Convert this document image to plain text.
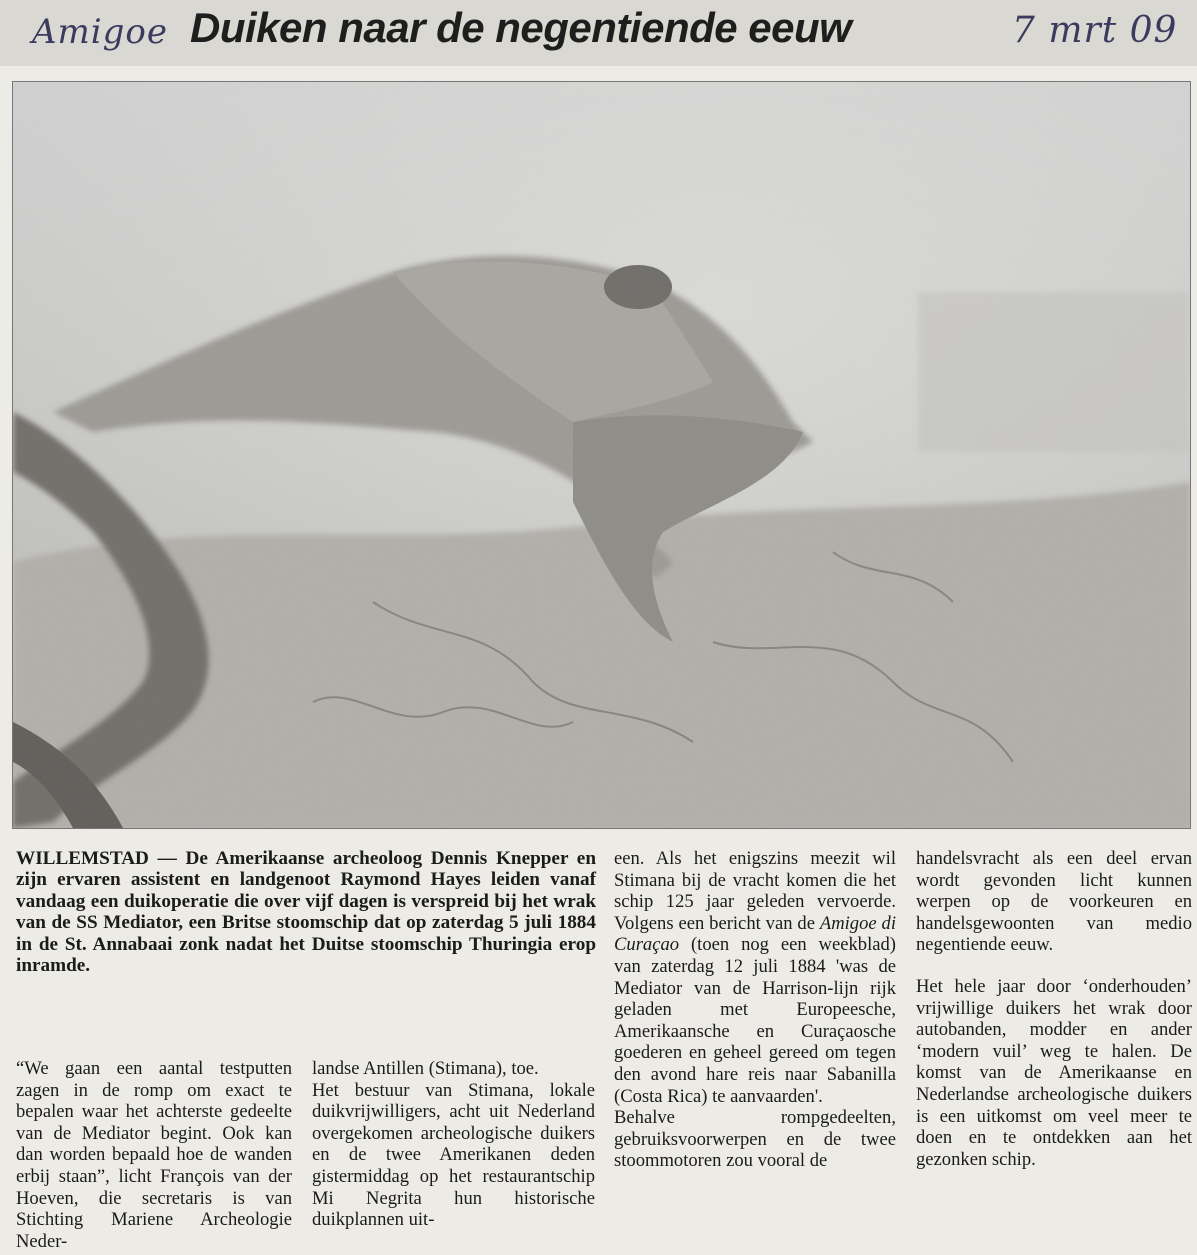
Amigoe Duiken naar de negentiende eeuw	7 mrt 09
WILLEMSTAD — De Amerikaanse archeoloog Dennis Knepper en zijn ervaren assistent en landgenoot Raymond Hayes leiden vanaf vandaag een duikoperatie die over vijf dagen is verspreid bij het wrak van de SS Mediator, een Britse stoomschip dat op zaterdag 5 juli 1884 in de St. Annabaai zonk nadat het Duitse stoomschip Thuringia erop inramde.

“We gaan een aantal testputten zagen in de romp om exact te bepalen waar het achterste gedeelte van de Mediator begint. Ook kan dan worden bepaald hoe de wanden erbij staan”, licht François van der Hoeven, die secretaris is van Stichting Mariene Archeologie Neder-

landse Antillen (Stimana), toe.

Het bestuur van Stimana, lokale duikvrijwilligers, acht uit Nederland overgekomen archeologische duikers en de twee Amerikanen deden gistermiddag op het restaurantschip Mi Negrita hun historische duikplannen uit-

een. Als het enigszins meezit wil Stimana bij de vracht komen die het schip 125 jaar geleden vervoerde. Volgens een bericht van de Amigoe di Curaçao (toen nog een weekblad) van zaterdag 12 juli 1884 'was de Mediator van de Harrison-lijn rijk geladen met Europeesche, Amerikaansche en Curaçaosche goederen en geheel gereed om tegen den avond hare reis naar Sabanilla (Costa Rica) te aanvaarden'.

Behalve rompgedeelten, gebruiksvoorwerpen en de twee stoommotoren zou vooral de

handelsvracht als een deel ervan wordt gevonden licht kunnen werpen op de voorkeuren en handelsgewoonten van medio negentiende eeuw.

Het hele jaar door ‘onderhouden’ vrijwillige duikers het wrak door autobanden, modder en ander ‘modern vuil’ weg te halen. De komst van de Amerikaanse en Nederlandse archeologische duikers is een uitkomst om veel meer te doen en te ontdekken aan het gezonken schip.
